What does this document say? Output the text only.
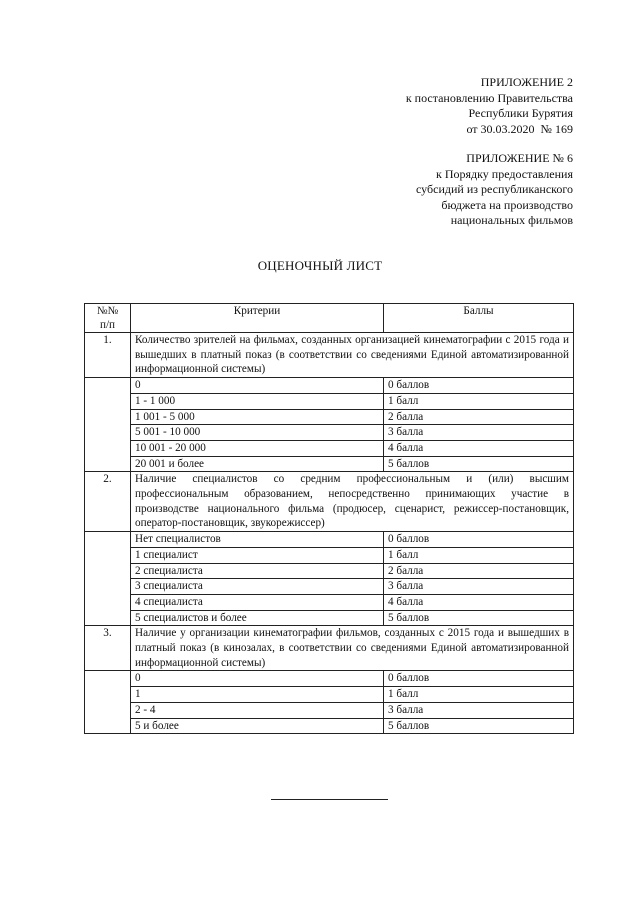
ПРИЛОЖЕНИЕ 2
к постановлению Правительства
Республики Бурятия
от 30.03.2020  № 169
ПРИЛОЖЕНИЕ № 6
к Порядку предоставления
субсидий из республиканского
бюджета на производство
национальных фильмов
ОЦЕНОЧНЫЙ ЛИСТ
№№
п/п	Критерии	Баллы
1.	Количество зрителей на фильмах, созданных организацией кинематографии с 2015 года и вышедших в платный показ (в соответствии со сведениями Единой автоматизированной информационной системы)	
	0	0 баллов
	1 - 1 000	1 балл
	1 001 - 5 000	2 балла
	5 001 - 10 000	3 балла
	10 001 - 20 000	4 балла
	20 001 и более	5 баллов
2.	Наличие специалистов со средним профессиональным и (или) высшим профессиональным образованием, непосредственно принимающих участие в производстве национального фильма (продюсер, сценарист, режиссер-постановщик, оператор-постановщик, звукорежиссер)	
	Нет специалистов	0 баллов
	1 специалист	1 балл
	2 специалиста	2 балла
	3 специалиста	3 балла
	4 специалиста	4 балла
	5 специалистов и более	5 баллов
3.	Наличие у организации кинематографии фильмов, созданных с 2015 года и вышедших в платный показ (в кинозалах, в соответствии со сведениями Единой автоматизированной информационной системы)	
	0	0 баллов
	1	1 балл
	2 - 4	3 балла
	5 и более	5 баллов
